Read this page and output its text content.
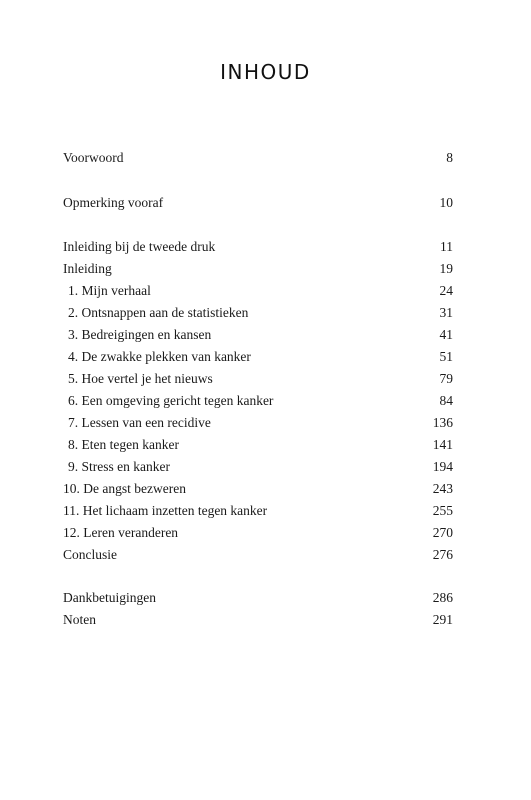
INHOUD
Voorwoord	8
Opmerking vooraf	10
Inleiding bij de tweede druk	11
Inleiding	19
1. Mijn verhaal	24
2. Ontsnappen aan de statistieken	31
3. Bedreigingen en kansen	41
4. De zwakke plekken van kanker	51
5. Hoe vertel je het nieuws	79
6. Een omgeving gericht tegen kanker	84
7. Lessen van een recidive	136
8. Eten tegen kanker	141
9. Stress en kanker	194
10. De angst bezweren	243
11. Het lichaam inzetten tegen kanker	255
12. Leren veranderen	270
Conclusie	276
Dankbetuigingen	286
Noten	291
